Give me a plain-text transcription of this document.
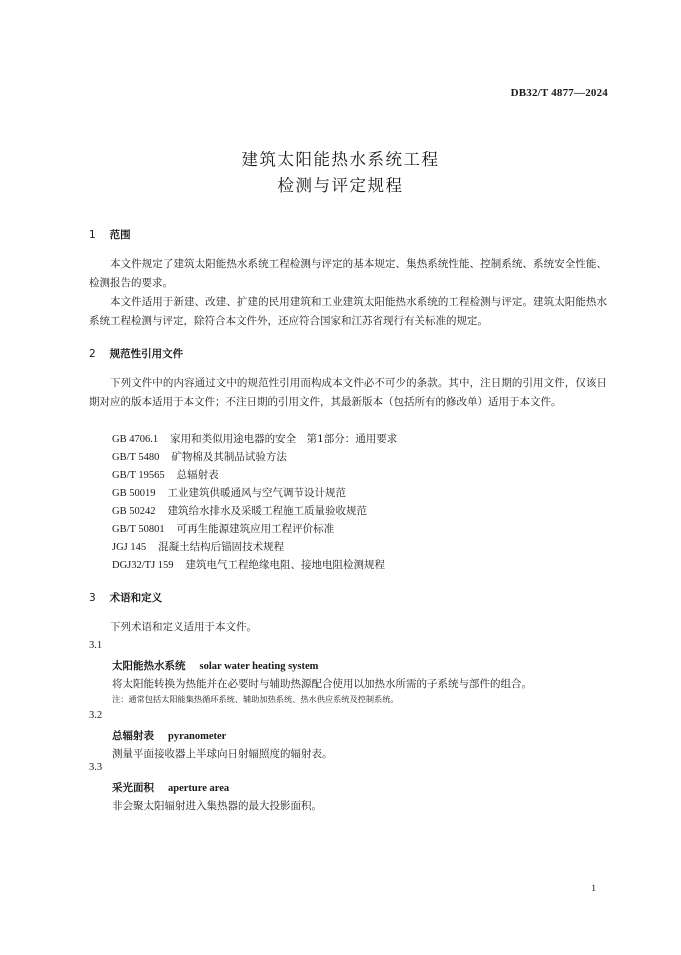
DB32/T 4877—2024
建筑太阳能热水系统工程
检测与评定规程
1 范围

本文件规定了建筑太阳能热水系统工程检测与评定的基本规定、集热系统性能、控制系统、系统安全性能、检测报告的要求。

本文件适用于新建、改建、扩建的民用建筑和工业建筑太阳能热水系统的工程检测与评定。建筑太阳能热水系统工程检测与评定，除符合本文件外，还应符合国家和江苏省现行有关标准的规定。

2 规范性引用文件

下列文件中的内容通过文中的规范性引用而构成本文件必不可少的条款。其中，注日期的引用文件，仅该日期对应的版本适用于本文件；不注日期的引用文件，其最新版本（包括所有的修改单）适用于本文件。

GB 4706.1 家用和类似用途电器的安全　第1部分：通用要求
GB/T 5480 矿物棉及其制品试验方法
GB/T 19565 总辐射表
GB 50019 工业建筑供暖通风与空气调节设计规范
GB 50242 建筑给水排水及采暖工程施工质量验收规范
GB/T 50801 可再生能源建筑应用工程评价标准
JGJ 145 混凝土结构后锚固技术规程
DGJ32/TJ 159 建筑电气工程绝缘电阻、接地电阻检测规程
3 术语和定义

下列术语和定义适用于本文件。

3.1
太阳能热水系统 solar water heating system
将太阳能转换为热能并在必要时与辅助热源配合使用以加热水所需的子系统与部件的组合。
注：通常包括太阳能集热循环系统、辅助加热系统、热水供应系统及控制系统。
3.2
总辐射表 pyranometer
测量平面接收器上半球向日射辐照度的辐射表。
3.3
采光面积 aperture area
非会聚太阳辐射进入集热器的最大投影面积。
1
